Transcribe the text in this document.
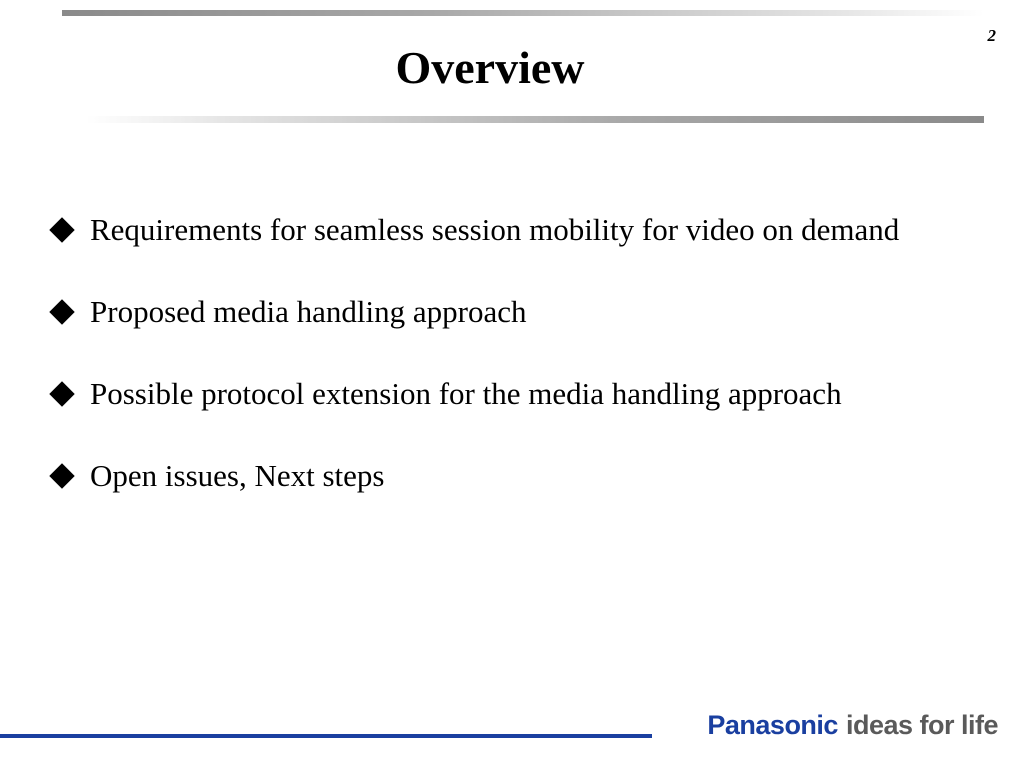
2
Overview
Requirements for seamless session mobility for video on demand
Proposed media handling approach
Possible protocol extension for the media handling approach
Open issues, Next steps
Panasonic ideas for life
